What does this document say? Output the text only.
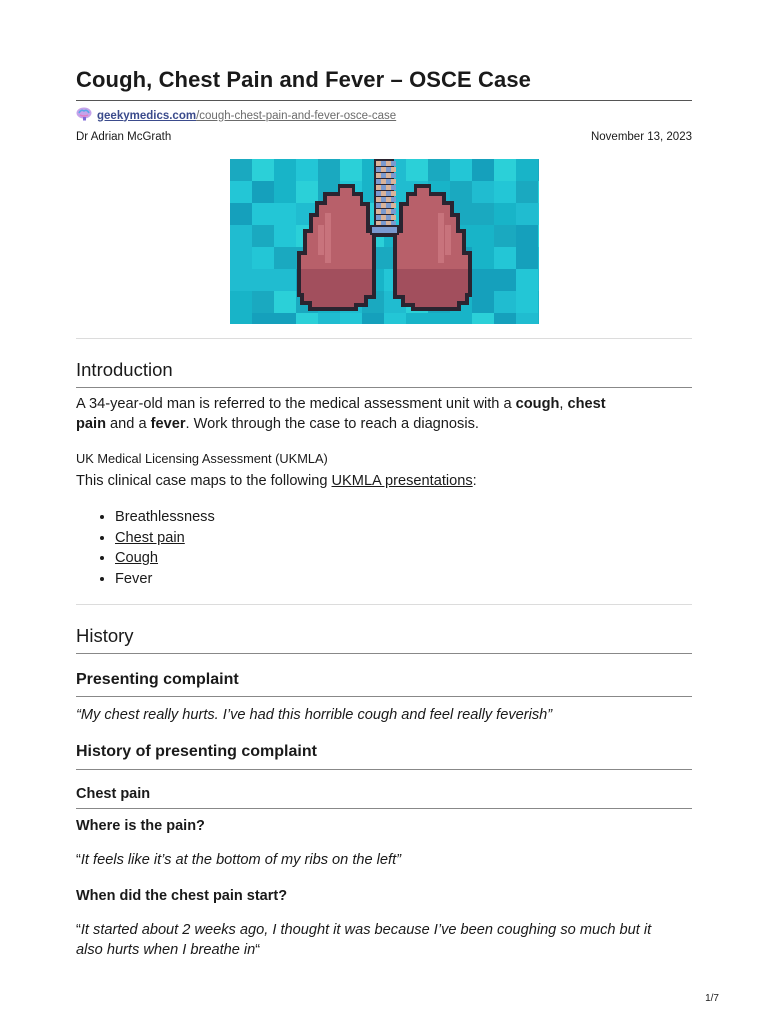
Cough, Chest Pain and Fever – OSCE Case
geekymedics.com /cough-chest-pain-and-fever-osce-case
Dr Adrian McGrath	November 13, 2023
Introduction

A 34-year-old man is referred to the medical assessment unit with a cough, chest
pain and a fever. Work through the case to reach a diagnosis.

UK Medical Licensing Assessment (UKMLA)

This clinical case maps to the following UKMLA presentations:

• Breathlessness
• Chest pain
• Cough
• Fever
History
Presenting complaint

“My chest really hurts. I’ve had this horrible cough and feel really feverish”

History of presenting complaint
Chest pain
Where is the pain?

“It feels like it’s at the bottom of my ribs on the left”

When did the chest pain start?

“It started about 2 weeks ago, I thought it was because I’ve been coughing so much but it
also hurts when I breathe in“

1/7
